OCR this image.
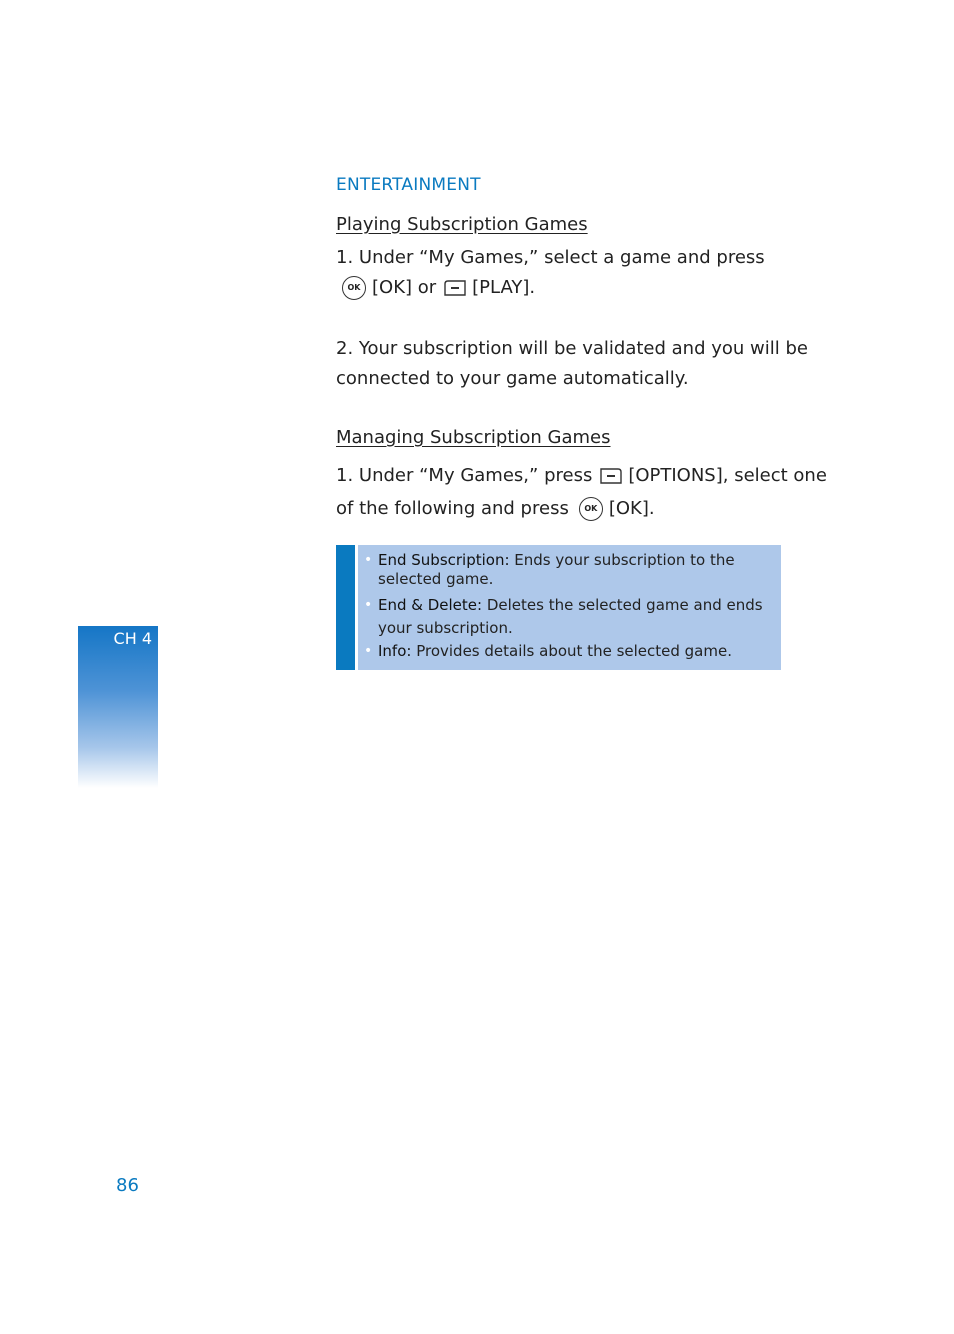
ENTERTAINMENT
Playing Subscription Games
1. Under “My Games,” select a game and press
OK [OK] or [PLAY].
2. Your subscription will be validated and you will be
connected to your game automatically.
Managing Subscription Games
1. Under “My Games,” press [OPTIONS], select one
of the following and press	OK [OK].
• End Subscription: Ends your subscription to the
selected game.
• End & Delete: Deletes the selected game and ends
your subscription.
• Info: Provides details about the selected game.
CH 4
86
